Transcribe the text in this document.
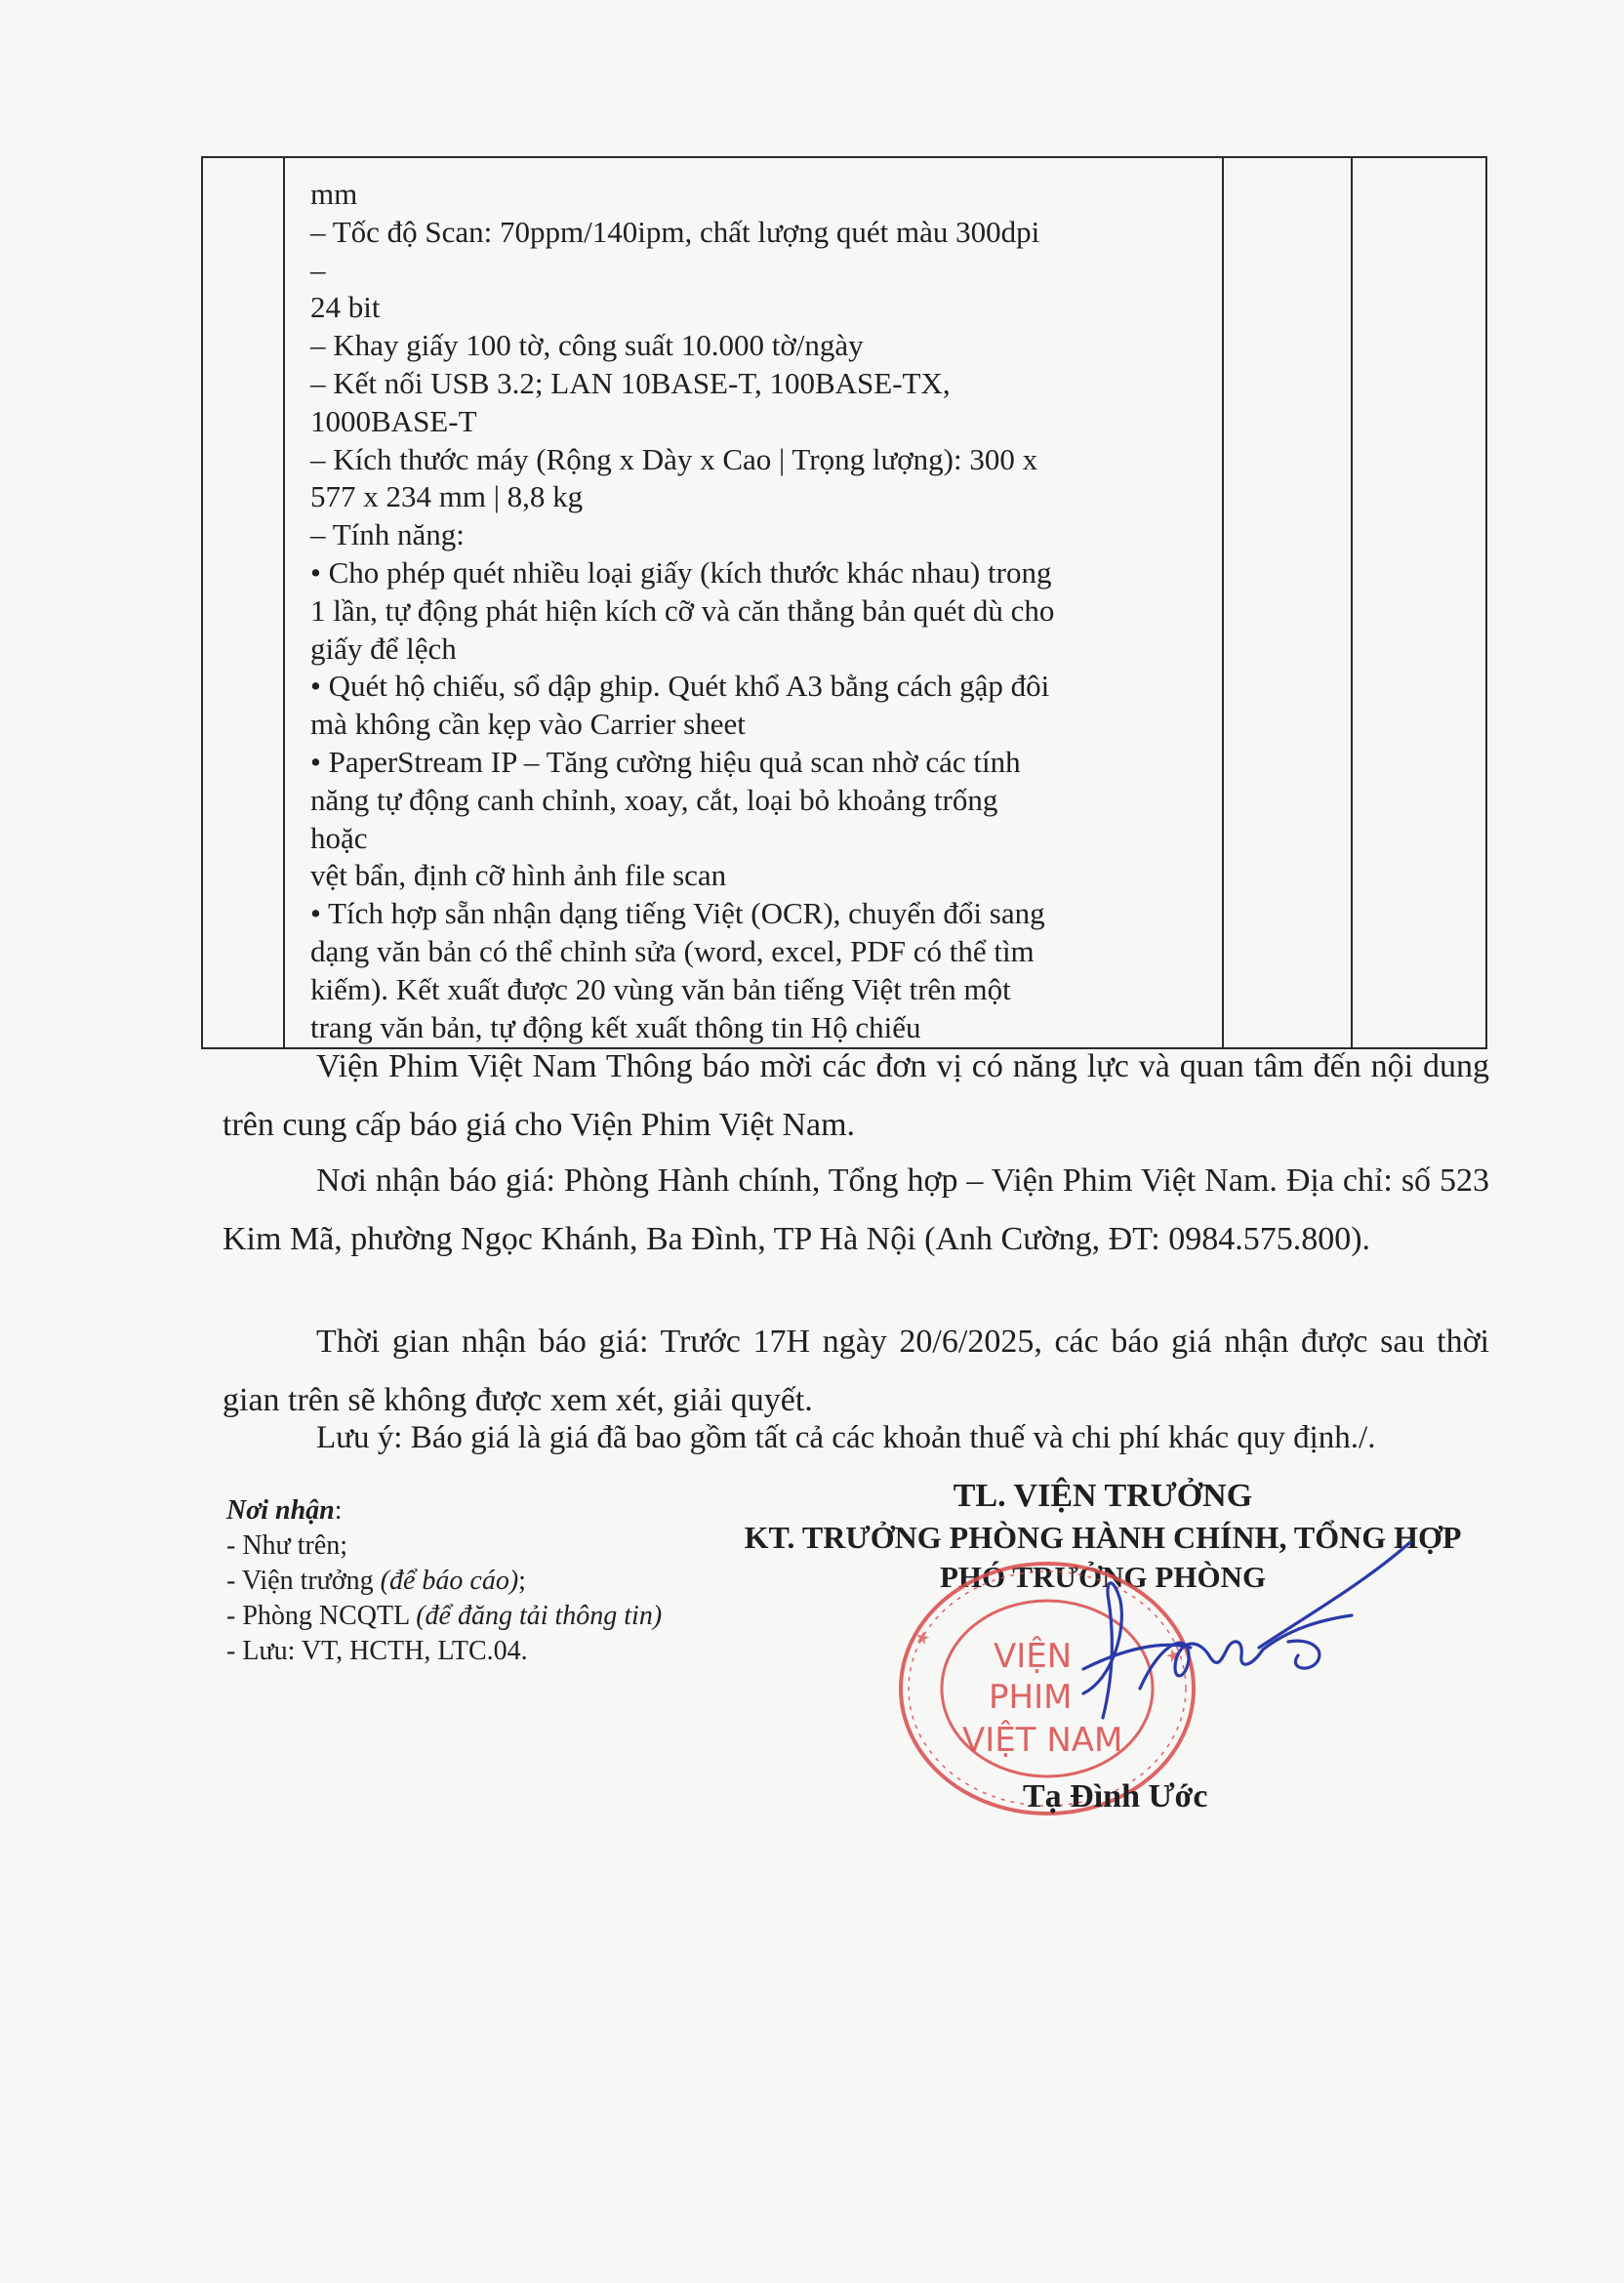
mm
– Tốc độ Scan: 70ppm/140ipm, chất lượng quét màu 300dpi
–
24 bit
– Khay giấy 100 tờ, công suất 10.000 tờ/ngày
– Kết nối USB 3.2; LAN 10BASE-T, 100BASE-TX,
1000BASE-T
– Kích thước máy (Rộng x Dày x Cao | Trọng lượng): 300 x
577 x 234 mm | 8,8 kg
– Tính năng:
• Cho phép quét nhiều loại giấy (kích thước khác nhau) trong
1 lần, tự động phát hiện kích cỡ và căn thẳng bản quét dù cho
giấy để lệch
• Quét hộ chiếu, sổ dập ghip. Quét khổ A3 bằng cách gập đôi
mà không cần kẹp vào Carrier sheet
• PaperStream IP – Tăng cường hiệu quả scan nhờ các tính
năng tự động canh chỉnh, xoay, cắt, loại bỏ khoảng trống
hoặc
vệt bẩn, định cỡ hình ảnh file scan
• Tích hợp sẵn nhận dạng tiếng Việt (OCR), chuyển đổi sang
dạng văn bản có thể chỉnh sửa (word, excel, PDF có thể tìm
kiếm). Kết xuất được 20 vùng văn bản tiếng Việt trên một
trang văn bản, tự động kết xuất thông tin Hộ chiếu
Viện Phim Việt Nam Thông báo mời các đơn vị có năng lực và quan tâm đến nội dung trên cung cấp báo giá cho Viện Phim Việt Nam.
Nơi nhận báo giá: Phòng Hành chính, Tổng hợp – Viện Phim Việt Nam. Địa chỉ: số 523 Kim Mã, phường Ngọc Khánh, Ba Đình, TP Hà Nội (Anh Cường, ĐT: 0984.575.800).
Thời gian nhận báo giá: Trước 17H ngày 20/6/2025, các báo giá nhận được sau thời gian trên sẽ không được xem xét, giải quyết.
Lưu ý: Báo giá là giá đã bao gồm tất cả các khoản thuế và chi phí khác quy định./.
Nơi nhận:
- Như trên;
- Viện trưởng (để báo cáo);
- Phòng NCQTL (để đăng tải thông tin)
- Lưu: VT, HCTH, LTC.04.
TL. VIỆN TRƯỞNG
KT. TRƯỞNG PHÒNG HÀNH CHÍNH, TỔNG HỢP
PHÓ TRƯỞNG PHÒNG
VIỆN
PHIM
VIỆT NAM
★
★
Tạ Đình Ước
